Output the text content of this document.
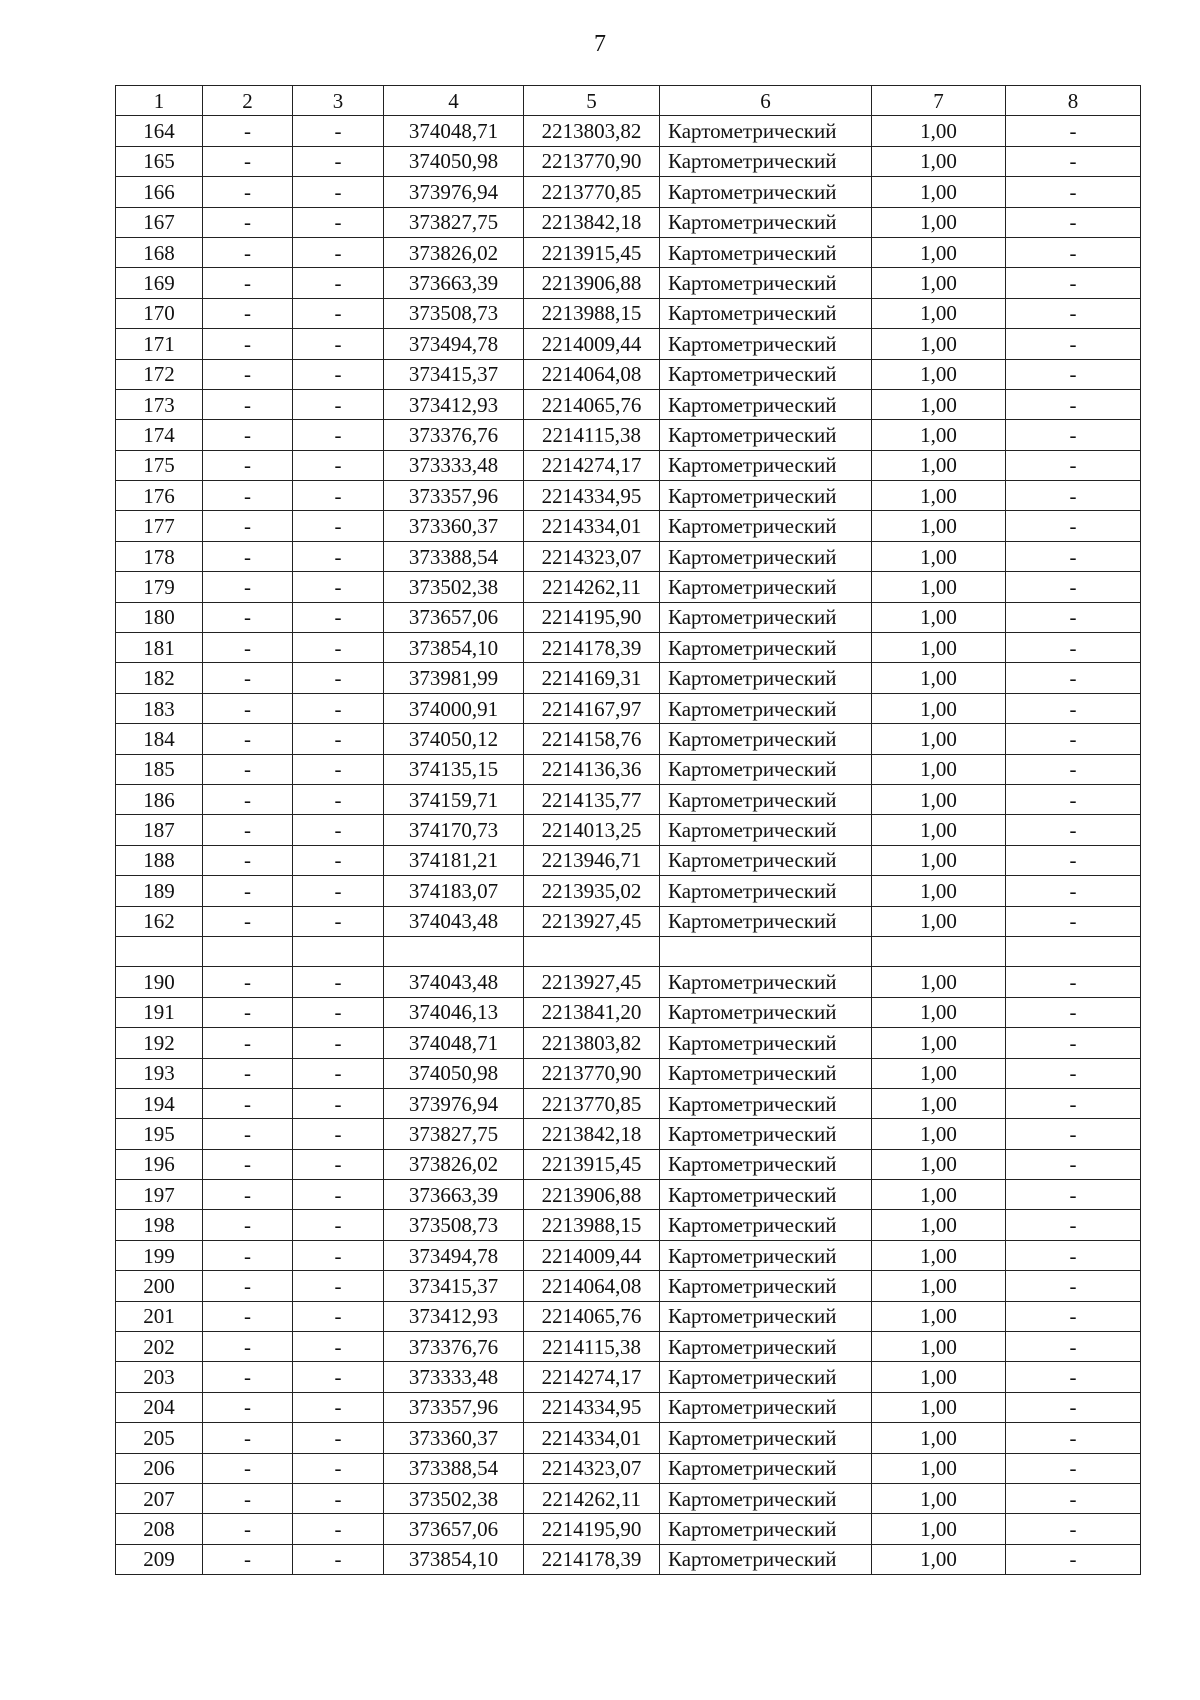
7
1	2	3	4	5	6	7	8
164	-	-	374048,71	2213803,82	Картометрический	1,00	-
165	-	-	374050,98	2213770,90	Картометрический	1,00	-
166	-	-	373976,94	2213770,85	Картометрический	1,00	-
167	-	-	373827,75	2213842,18	Картометрический	1,00	-
168	-	-	373826,02	2213915,45	Картометрический	1,00	-
169	-	-	373663,39	2213906,88	Картометрический	1,00	-
170	-	-	373508,73	2213988,15	Картометрический	1,00	-
171	-	-	373494,78	2214009,44	Картометрический	1,00	-
172	-	-	373415,37	2214064,08	Картометрический	1,00	-
173	-	-	373412,93	2214065,76	Картометрический	1,00	-
174	-	-	373376,76	2214115,38	Картометрический	1,00	-
175	-	-	373333,48	2214274,17	Картометрический	1,00	-
176	-	-	373357,96	2214334,95	Картометрический	1,00	-
177	-	-	373360,37	2214334,01	Картометрический	1,00	-
178	-	-	373388,54	2214323,07	Картометрический	1,00	-
179	-	-	373502,38	2214262,11	Картометрический	1,00	-
180	-	-	373657,06	2214195,90	Картометрический	1,00	-
181	-	-	373854,10	2214178,39	Картометрический	1,00	-
182	-	-	373981,99	2214169,31	Картометрический	1,00	-
183	-	-	374000,91	2214167,97	Картометрический	1,00	-
184	-	-	374050,12	2214158,76	Картометрический	1,00	-
185	-	-	374135,15	2214136,36	Картометрический	1,00	-
186	-	-	374159,71	2214135,77	Картометрический	1,00	-
187	-	-	374170,73	2214013,25	Картометрический	1,00	-
188	-	-	374181,21	2213946,71	Картометрический	1,00	-
189	-	-	374183,07	2213935,02	Картометрический	1,00	-
162	-	-	374043,48	2213927,45	Картометрический	1,00	-

190	-	-	374043,48	2213927,45	Картометрический	1,00	-
191	-	-	374046,13	2213841,20	Картометрический	1,00	-
192	-	-	374048,71	2213803,82	Картометрический	1,00	-
193	-	-	374050,98	2213770,90	Картометрический	1,00	-
194	-	-	373976,94	2213770,85	Картометрический	1,00	-
195	-	-	373827,75	2213842,18	Картометрический	1,00	-
196	-	-	373826,02	2213915,45	Картометрический	1,00	-
197	-	-	373663,39	2213906,88	Картометрический	1,00	-
198	-	-	373508,73	2213988,15	Картометрический	1,00	-
199	-	-	373494,78	2214009,44	Картометрический	1,00	-
200	-	-	373415,37	2214064,08	Картометрический	1,00	-
201	-	-	373412,93	2214065,76	Картометрический	1,00	-
202	-	-	373376,76	2214115,38	Картометрический	1,00	-
203	-	-	373333,48	2214274,17	Картометрический	1,00	-
204	-	-	373357,96	2214334,95	Картометрический	1,00	-
205	-	-	373360,37	2214334,01	Картометрический	1,00	-
206	-	-	373388,54	2214323,07	Картометрический	1,00	-
207	-	-	373502,38	2214262,11	Картометрический	1,00	-
208	-	-	373657,06	2214195,90	Картометрический	1,00	-
209	-	-	373854,10	2214178,39	Картометрический	1,00	-
